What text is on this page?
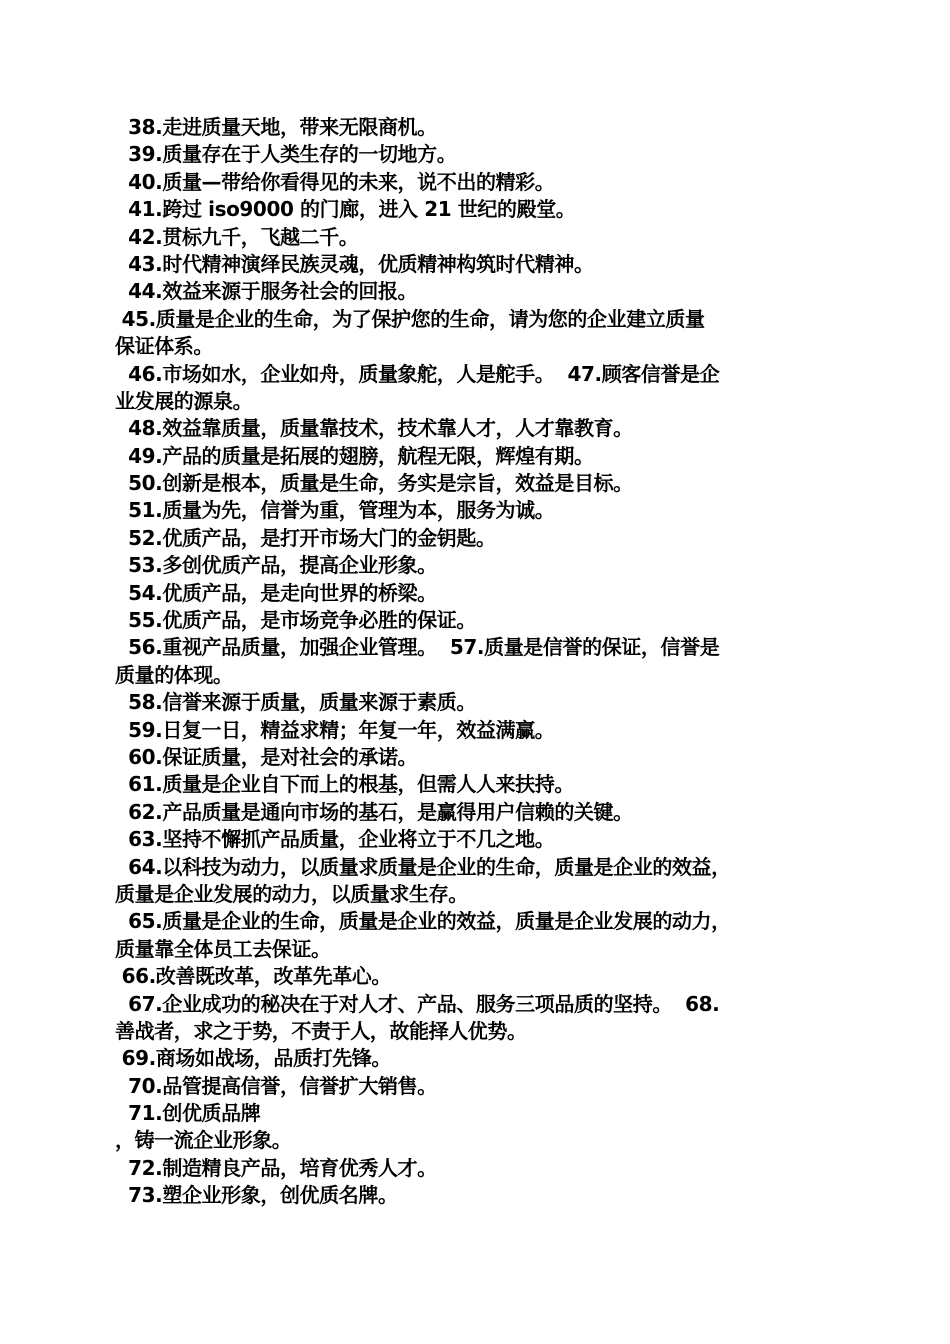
38.走进质量天地，带来无限商机。
39.质量存在于人类生存的一切地方。
40.质量—带给你看得见的未来，说不出的精彩。
41.跨过 iso9000 的门廊，进入 21 世纪的殿堂。
42.贯标九千，飞越二千。
43.时代精神演绎民族灵魂，优质精神构筑时代精神。
44.效益来源于服务社会的回报。
45.质量是企业的生命，为了保护您的生命，请为您的企业建立质量
保证体系。
46.市场如水，企业如舟，质量象舵，人是舵手。  47.顾客信誉是企
业发展的源泉。
48.效益靠质量，质量靠技术，技术靠人才，人才靠教育。
49.产品的质量是拓展的翅膀，航程无限，辉煌有期。
50.创新是根本，质量是生命，务实是宗旨，效益是目标。
51.质量为先，信誉为重，管理为本，服务为诚。
52.优质产品，是打开市场大门的金钥匙。
53.多创优质产品，提高企业形象。
54.优质产品，是走向世界的桥梁。
55.优质产品，是市场竞争必胜的保证。
56.重视产品质量，加强企业管理。  57.质量是信誉的保证，信誉是
质量的体现。
58.信誉来源于质量，质量来源于素质。
59.日复一日，精益求精；年复一年，效益满赢。
60.保证质量，是对社会的承诺。
61.质量是企业自下而上的根基，但需人人来扶持。
62.产品质量是通向市场的基石，是赢得用户信赖的关键。
63.坚持不懈抓产品质量，企业将立于不几之地。
64.以科技为动力，以质量求质量是企业的生命，质量是企业的效益，
质量是企业发展的动力，以质量求生存。
65.质量是企业的生命，质量是企业的效益，质量是企业发展的动力，
质量靠全体员工去保证。
66.改善既改革，改革先革心。
67.企业成功的秘决在于对人才、产品、服务三项品质的坚持。  68.
善战者，求之于势，不责于人，故能择人优势。
69.商场如战场，品质打先锋。
70.品管提高信誉，信誉扩大销售。
71.创优质品牌
，铸一流企业形象。
72.制造精良产品，培育优秀人才。
73.塑企业形象，创优质名牌。
